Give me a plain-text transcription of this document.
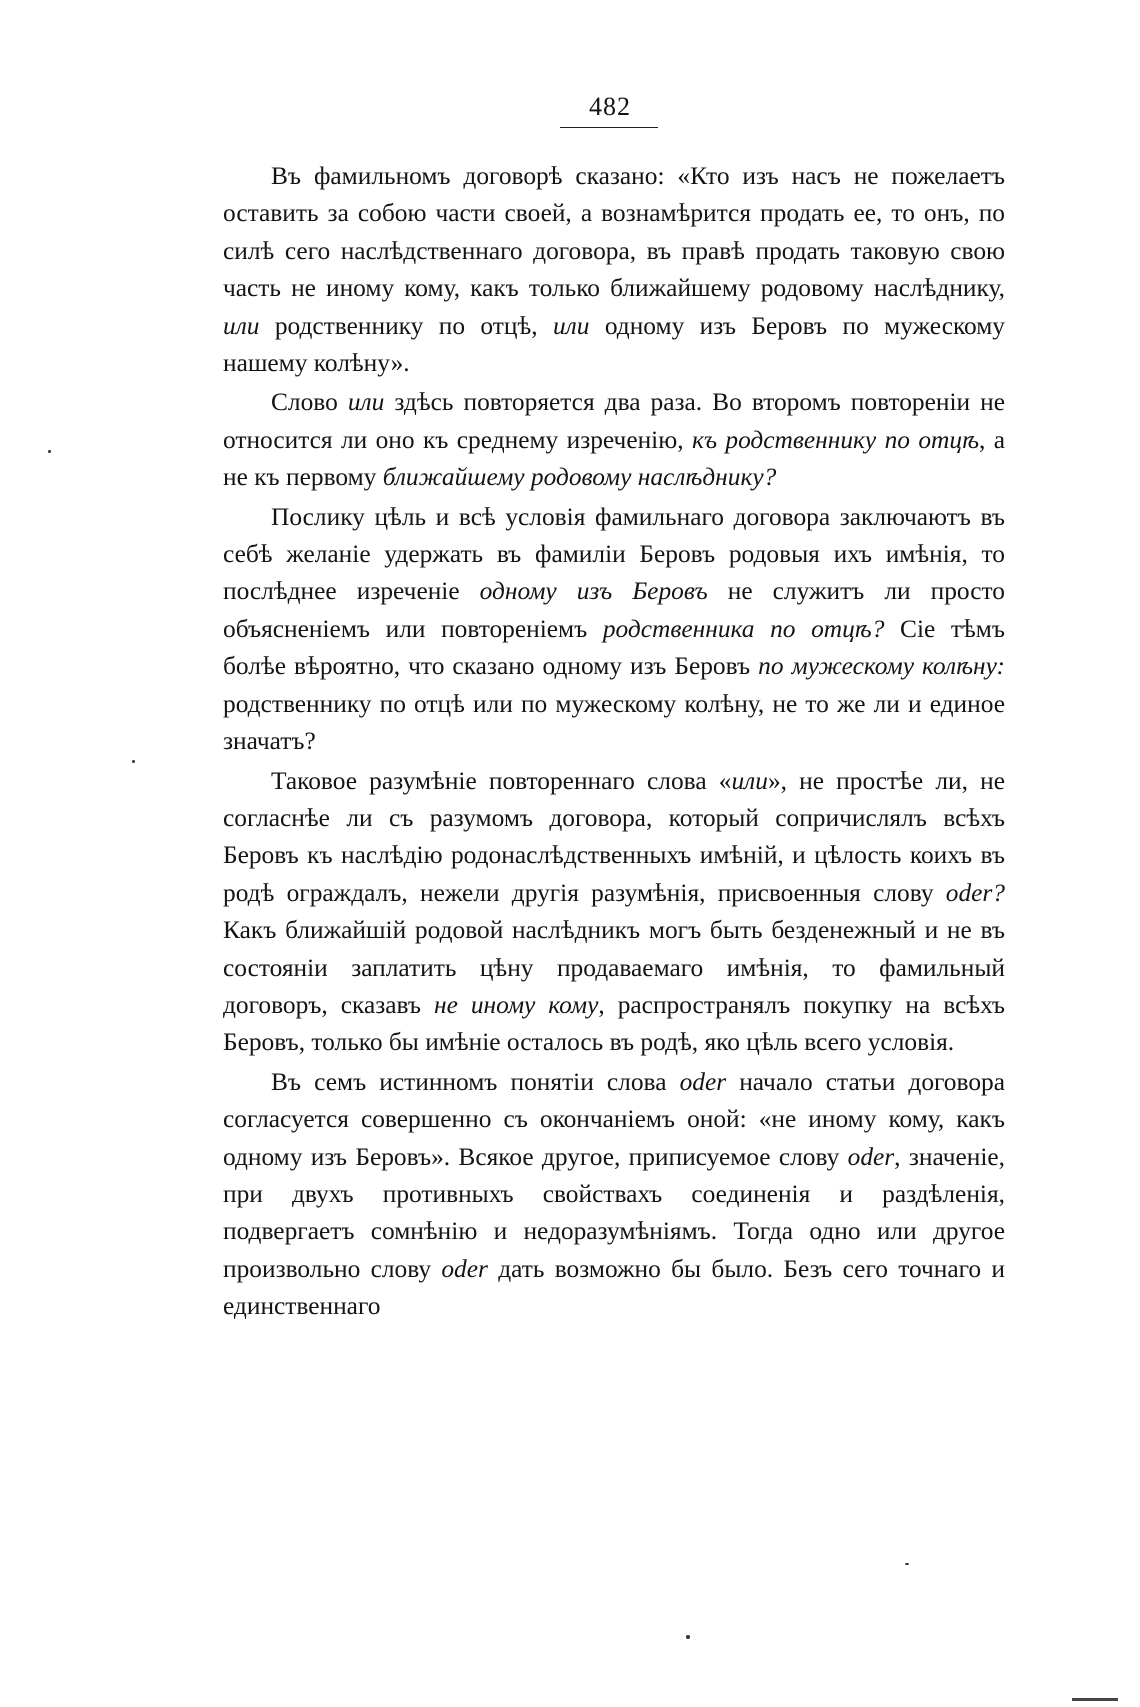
482

Въ фамильномъ договорѣ сказано: «Кто изъ насъ не пожелаетъ оставить за собою части своей, а вознамѣрится продать ее, то онъ, по силѣ сего наслѣдственнаго договора, въ правѣ продать таковую свою часть не иному кому, какъ только ближайшему родовому наслѣднику, или родственнику по отцѣ, или одному изъ Беровъ по мужескому нашему колѣну».

Слово или здѣсь повторяется два раза. Во второмъ повтореніи не относится ли оно къ среднему изреченію, къ родственнику по отцѣ, а не къ первому ближайшему родовому наслѣднику?

Послику цѣль и всѣ условія фамильнаго договора заключаютъ въ себѣ желаніе удержать въ фамиліи Беровъ родовыя ихъ имѣнія, то послѣднее изреченіе одному изъ Беровъ не служитъ ли просто объясненіемъ или повтореніемъ родственника по отцѣ? Сіе тѣмъ болѣе вѣроятно, что сказано одному изъ Беровъ по мужескому колѣну: родственнику по отцѣ или по мужескому колѣну, не то же ли и единое значатъ?

Таковое разумѣніе повтореннаго слова «или», не простѣе ли, не согласнѣе ли съ разумомъ договора, который сопричислялъ всѣхъ Беровъ къ наслѣдію родонаслѣдственныхъ имѣній, и цѣлость коихъ въ родѣ ограждалъ, нежели другія разумѣнія, присвоенныя слову oder? Какъ ближайшій родовой наслѣдникъ могъ быть безденежный и не въ состояніи заплатить цѣну продаваемаго имѣнія, то фамильный договоръ, сказавъ не иному кому, распространялъ покупку на всѣхъ Беровъ, только бы имѣніе осталось въ родѣ, яко цѣль всего условія.

Въ семъ истинномъ понятіи слова oder начало статьи договора согласуется совершенно съ окончаніемъ оной: «не иному кому, какъ одному изъ Беровъ». Всякое другое, приписуемое слову oder, значеніе, при двухъ противныхъ свойствахъ соединенія и раздѣленія, подвергаетъ сомнѣнію и недоразумѣніямъ. Тогда одно или другое произвольно слову oder дать возможно бы было. Безъ сего точнаго и единственнаго
